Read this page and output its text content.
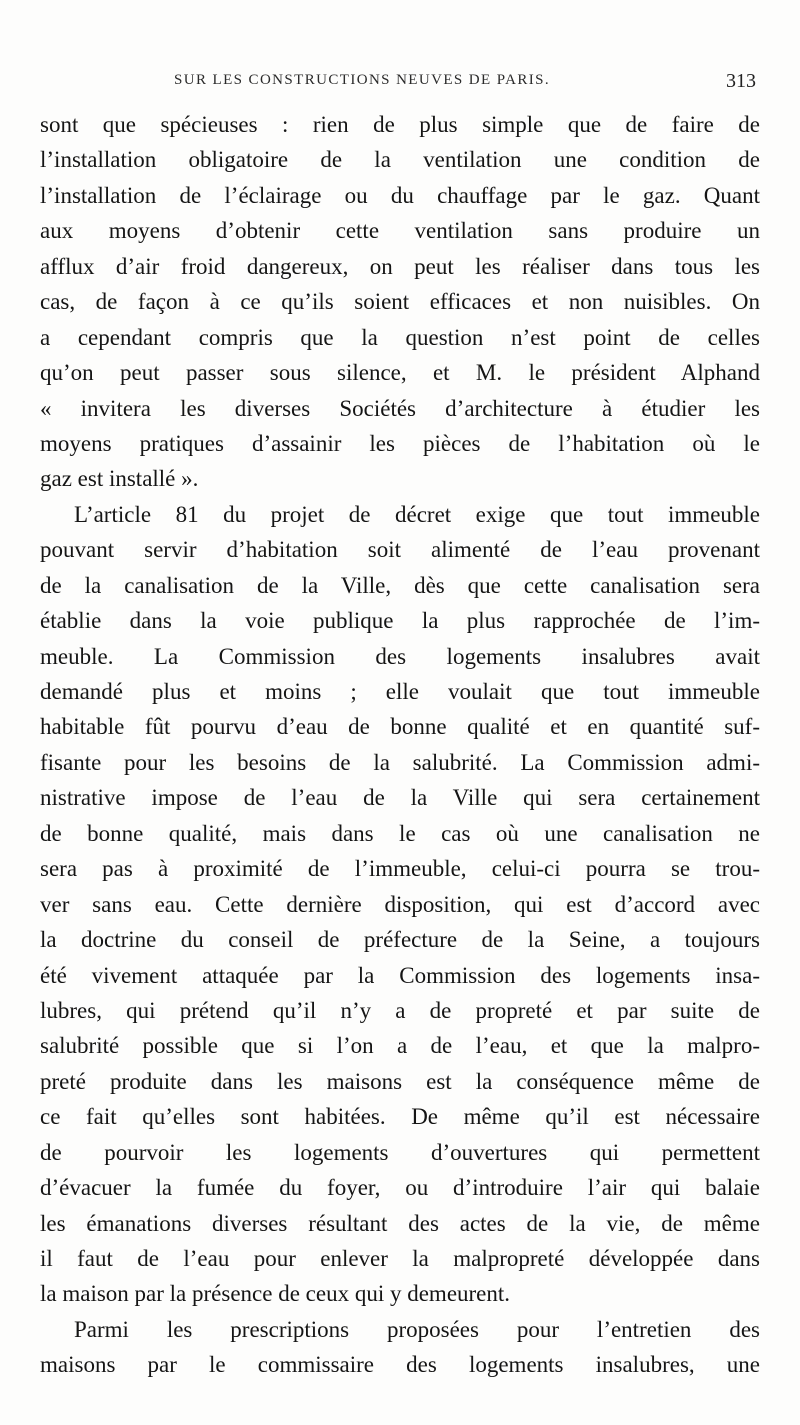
SUR LES CONSTRUCTIONS NEUVES DE PARIS.	313
sont que spécieuses : rien de plus simple que de faire de
l’installation obligatoire de la ventilation une condition de
l’installation de l’éclairage ou du chauffage par le gaz. Quant
aux moyens d’obtenir cette ventilation sans produire un
afflux d’air froid dangereux, on peut les réaliser dans tous les
cas, de façon à ce qu’ils soient efficaces et non nuisibles. On
a cependant compris que la question n’est point de celles
qu’on peut passer sous silence, et M. le président Alphand
« invitera les diverses Sociétés d’architecture à étudier les
moyens pratiques d’assainir les pièces de l’habitation où le
gaz est installé ».
L’article 81 du projet de décret exige que tout immeuble
pouvant servir d’habitation soit alimenté de l’eau provenant
de la canalisation de la Ville, dès que cette canalisation sera
établie dans la voie publique la plus rapprochée de l’im-
meuble. La Commission des logements insalubres avait
demandé plus et moins ; elle voulait que tout immeuble
habitable fût pourvu d’eau de bonne qualité et en quantité suf-
fisante pour les besoins de la salubrité. La Commission admi-
nistrative impose de l’eau de la Ville qui sera certainement
de bonne qualité, mais dans le cas où une canalisation ne
sera pas à proximité de l’immeuble, celui-ci pourra se trou-
ver sans eau. Cette dernière disposition, qui est d’accord avec
la doctrine du conseil de préfecture de la Seine, a toujours
été vivement attaquée par la Commission des logements insa-
lubres, qui prétend qu’il n’y a de propreté et par suite de
salubrité possible que si l’on a de l’eau, et que la malpro-
preté produite dans les maisons est la conséquence même de
ce fait qu’elles sont habitées. De même qu’il est nécessaire
de pourvoir les logements d’ouvertures qui permettent
d’évacuer la fumée du foyer, ou d’introduire l’air qui balaie
les émanations diverses résultant des actes de la vie, de même
il faut de l’eau pour enlever la malpropreté développée dans
la maison par la présence de ceux qui y demeurent.
Parmi les prescriptions proposées pour l’entretien des
maisons par le commissaire des logements insalubres, une
